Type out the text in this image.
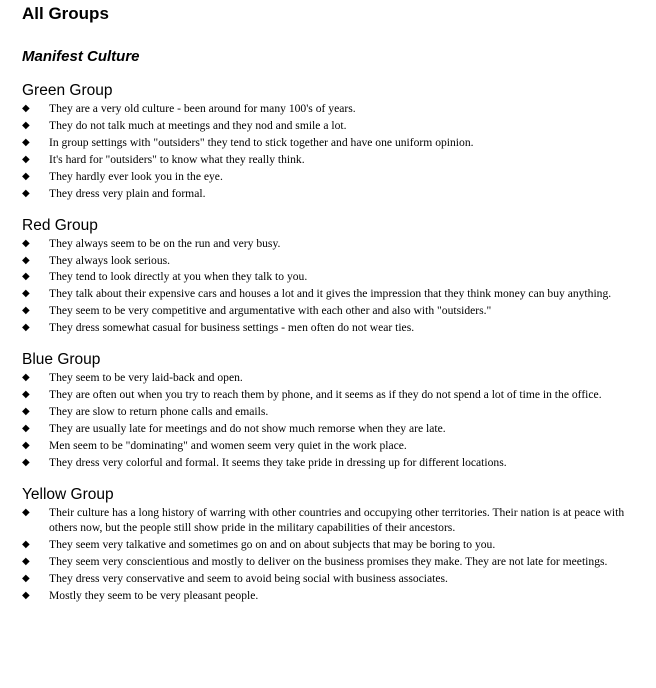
All Groups
Manifest Culture
Green Group
◆	They are a very old culture - been around for many 100's of years.
◆	They do not talk much at meetings and they nod and smile a lot.
◆	In group settings with "outsiders" they tend to stick together and have one uniform opinion.
◆	It's hard for "outsiders" to know what they really think.
◆	They hardly ever look you in the eye.
◆	They dress very plain and formal.
Red Group
◆	They always seem to be on the run and very busy.
◆	They always look serious.
◆	They tend to look directly at you when they talk to you.
◆	They talk about their expensive cars and houses a lot and it gives the impression that they think money can buy anything.
◆	They seem to be very competitive and argumentative with each other and also with "outsiders."
◆	They dress somewhat casual for business settings - men often do not wear ties.
Blue Group
◆	They seem to be very laid-back and open.
◆	They are often out when you try to reach them by phone, and it seems as if they do not spend a lot of time in the office.
◆	They are slow to return phone calls and emails.
◆	They are usually late for meetings and do not show much remorse when they are late.
◆	Men seem to be "dominating" and women seem very quiet in the work place.
◆	They dress very colorful and formal. It seems they take pride in dressing up for different locations.
Yellow Group
◆	Their culture has a long history of warring with other countries and occupying other territories. Their nation is at peace with others now, but the people still show pride in the military capabilities of their ancestors.
◆	They seem very talkative and sometimes go on and on about subjects that may be boring to you.
◆	They seem very conscientious and mostly to deliver on the business promises they make. They are not late for meetings.
◆	They dress very conservative and seem to avoid being social with business associates.
◆	Mostly they seem to be very pleasant people.
